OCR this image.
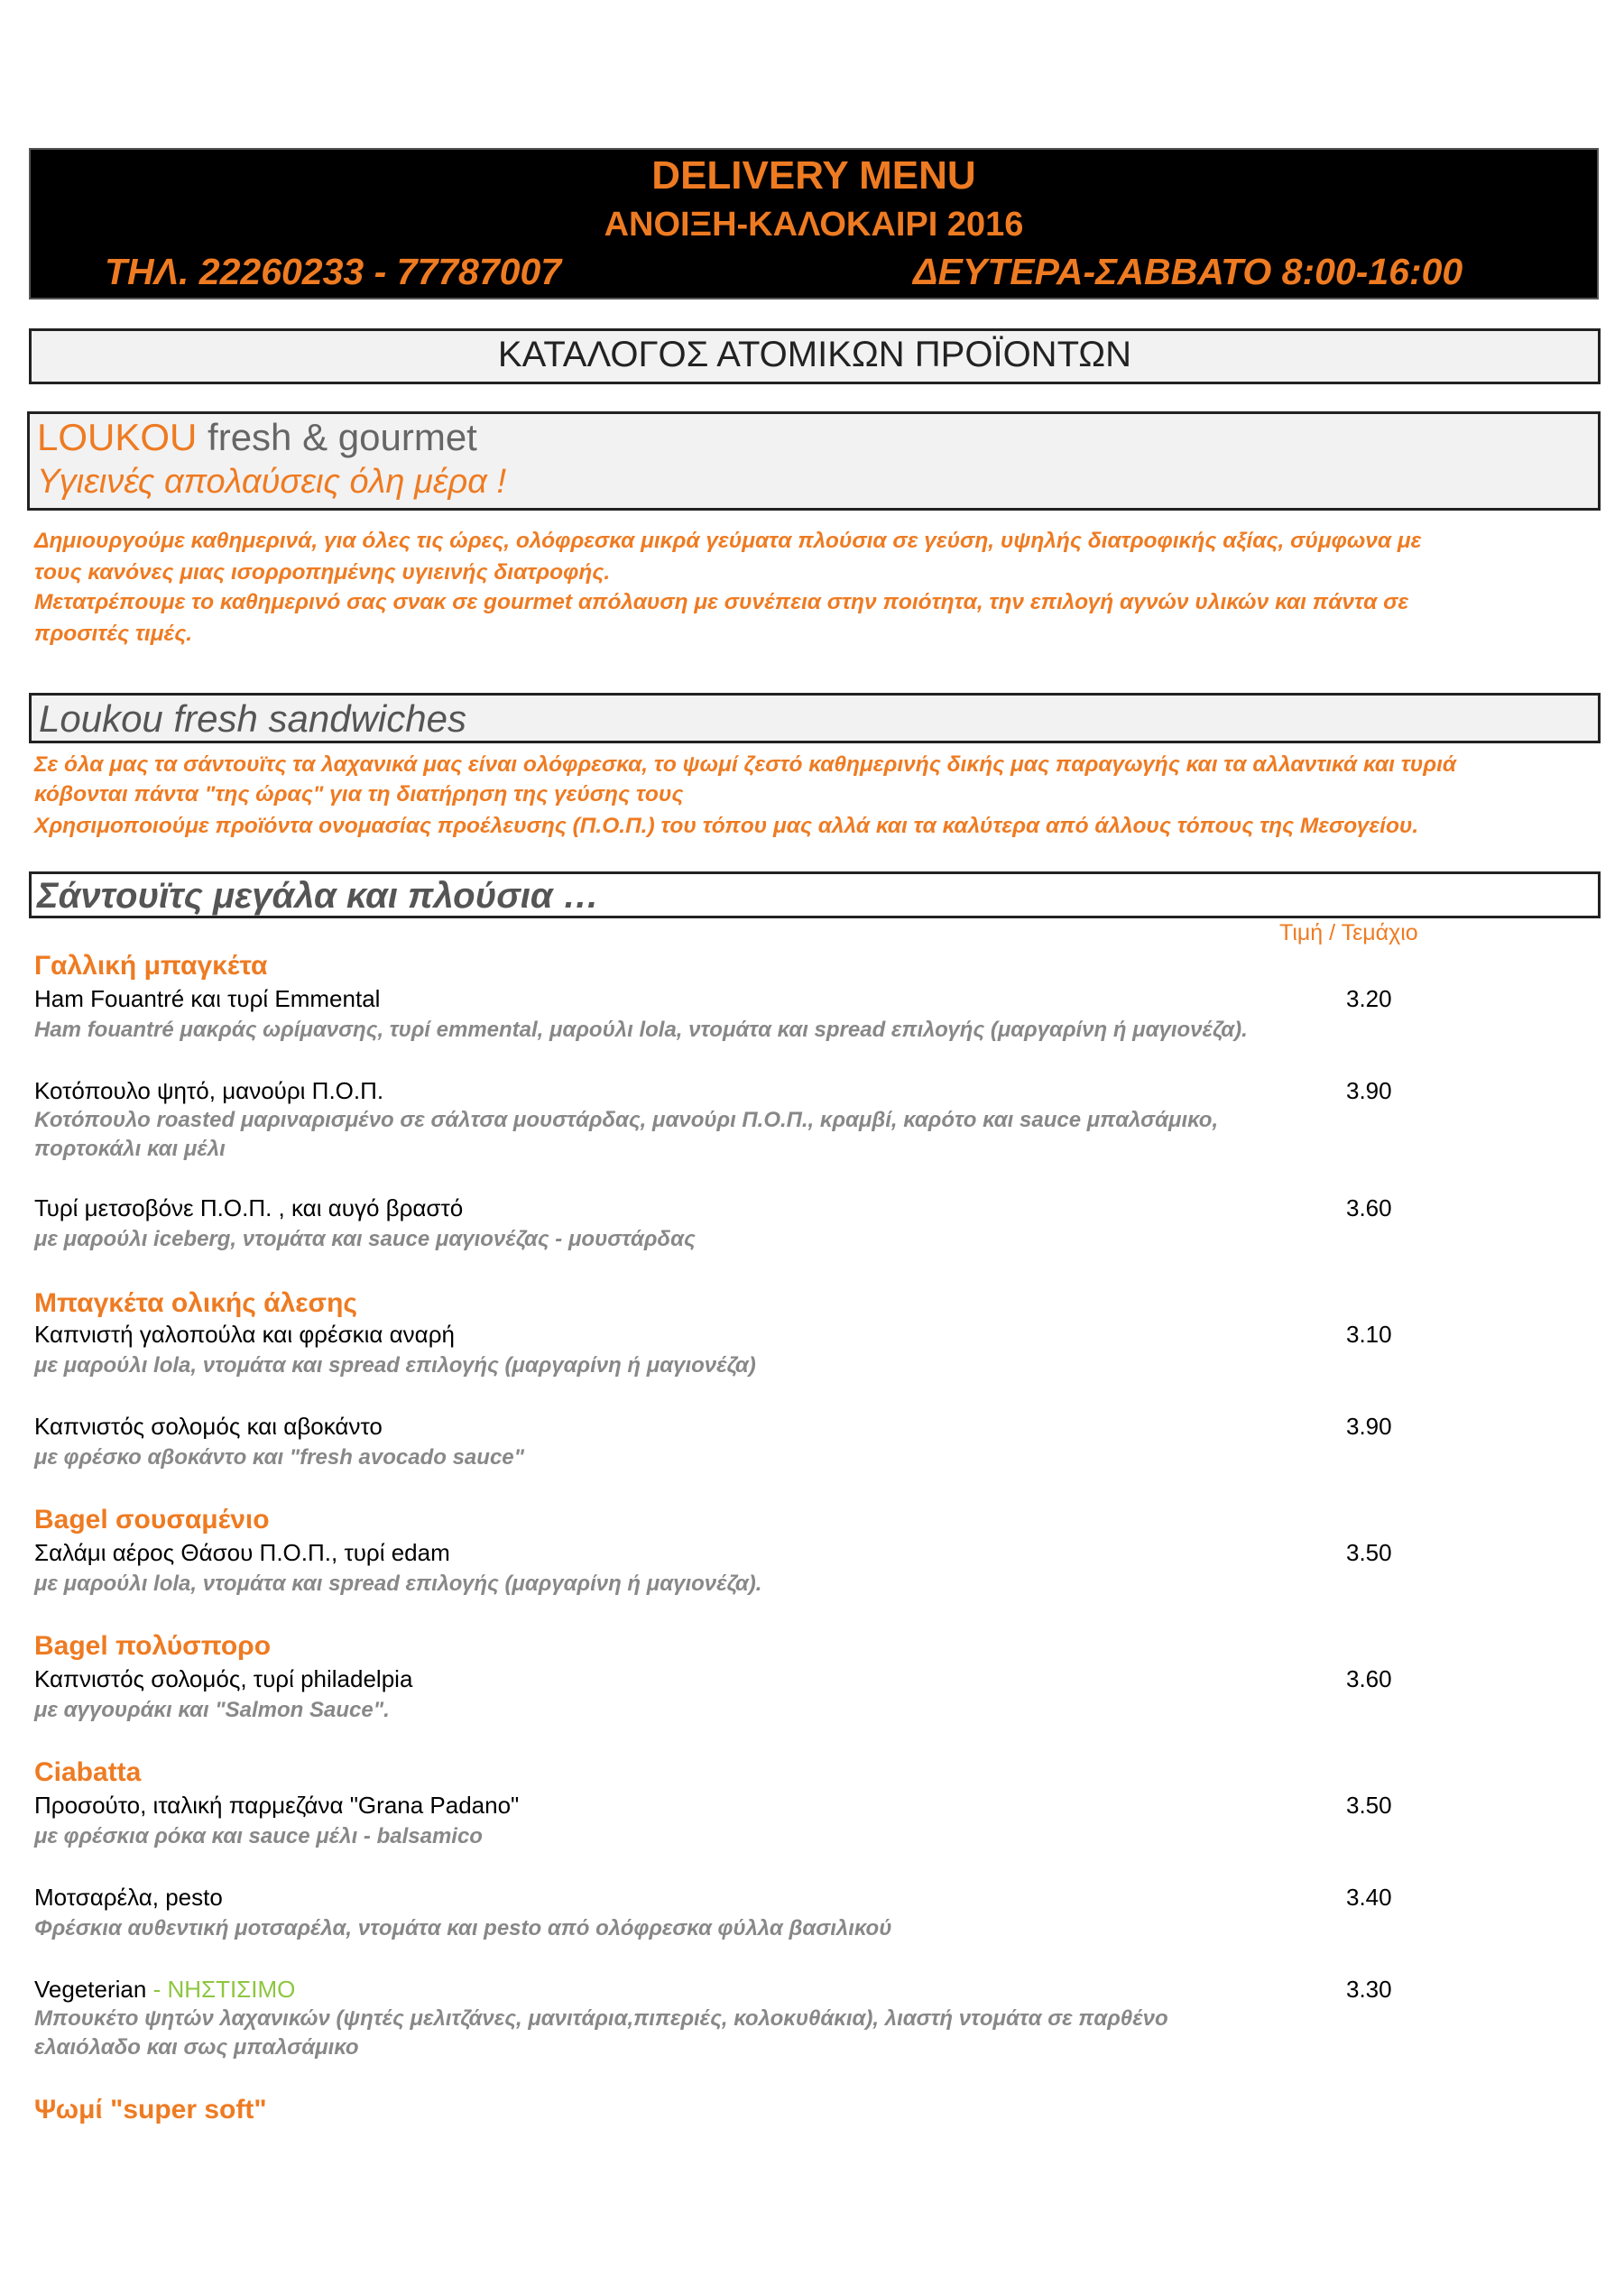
DELIVERY MENU
ΑΝΟΙΞΗ-ΚΑΛΟΚΑΙΡΙ 2016
ΤΗΛ. 22260233 - 77787007	ΔΕΥΤΕΡΑ-ΣΑΒΒΑΤΟ 8:00-16:00
ΚΑΤΑΛΟΓΟΣ ΑΤΟΜΙΚΩΝ ΠΡΟΪΟΝΤΩΝ
LOUKOU fresh & gourmet
Υγιεινές απολαύσεις όλη μέρα !
Δημιουργούμε καθημερινά, για όλες τις ώρες, ολόφρεσκα μικρά γεύματα πλούσια σε γεύση, υψηλής διατροφικής αξίας, σύμφωνα με
τους κανόνες μιας ισορροπημένης υγιεινής διατροφής.
Μετατρέπουμε το καθημερινό σας σνακ σε gourmet απόλαυση με συνέπεια στην ποιότητα, την επιλογή αγνών υλικών και πάντα σε
προσιτές τιμές.
Loukou fresh sandwiches
Σε όλα μας τα σάντουϊτς τα λαχανικά μας είναι ολόφρεσκα, το ψωμί ζεστό καθημερινής δικής μας παραγωγής και τα αλλαντικά και τυριά
κόβονται πάντα "της ώρας" για τη διατήρηση της γεύσης τους
Χρησιμοποιούμε προϊόντα ονομασίας προέλευσης (Π.Ο.Π.) του τόπου μας αλλά και τα καλύτερα από άλλους τόπους της Μεσογείου.
Σάντουϊτς μεγάλα και πλούσια …
Τιμή / Τεμάχιο
Γαλλική μπαγκέτα
Ham Fouantré και τυρί Emmental	3.20
Ham fouantré μακράς ωρίμανσης, τυρί emmental, μαρούλι lola, ντομάτα και spread επιλογής (μαργαρίνη ή μαγιονέζα).
Κοτόπουλο ψητό, μανούρι Π.Ο.Π.	3.90
Κοτόπουλο roasted μαριναρισμένο σε σάλτσα μουστάρδας, μανούρι Π.Ο.Π., κραμβί, καρότο και sauce μπαλσάμικο,
πορτοκάλι και μέλι
Τυρί μετσοβόνε Π.Ο.Π. , και αυγό βραστό	3.60
με μαρούλι iceberg, ντομάτα και sauce μαγιονέζας - μουστάρδας
Μπαγκέτα ολικής άλεσης
Καπνιστή γαλοπούλα και φρέσκια αναρή	3.10
με μαρούλι lola, ντομάτα και spread επιλογής (μαργαρίνη ή μαγιονέζα)
Καπνιστός σολομός και αβοκάντο	3.90
με φρέσκο αβοκάντο και "fresh avocado sauce"
Bagel σουσαμένιο
Σαλάμι αέρος Θάσου Π.Ο.Π., τυρί edam	3.50
με μαρούλι lola, ντομάτα και spread επιλογής (μαργαρίνη ή μαγιονέζα).
Bagel πολύσπορο
Καπνιστός σολομός, τυρί philadelpia	3.60
με αγγουράκι και "Salmon Sauce".
Ciabatta
Προσούτο, ιταλική παρμεζάνα "Grana Padano"	3.50
με φρέσκια ρόκα και sauce μέλι - balsamico
Μοτσαρέλα, pesto	3.40
Φρέσκια αυθεντική μοτσαρέλα, ντομάτα και pesto από ολόφρεσκα φύλλα βασιλικού
Vegeterian - ΝΗΣΤΙΣΙΜΟ	3.30
Μπουκέτο ψητών λαχανικών (ψητές μελιτζάνες, μανιτάρια,πιπεριές, κολοκυθάκια), λιαστή ντομάτα σε παρθένο
ελαιόλαδο και σως μπαλσάμικο
Ψωμί "super soft"
